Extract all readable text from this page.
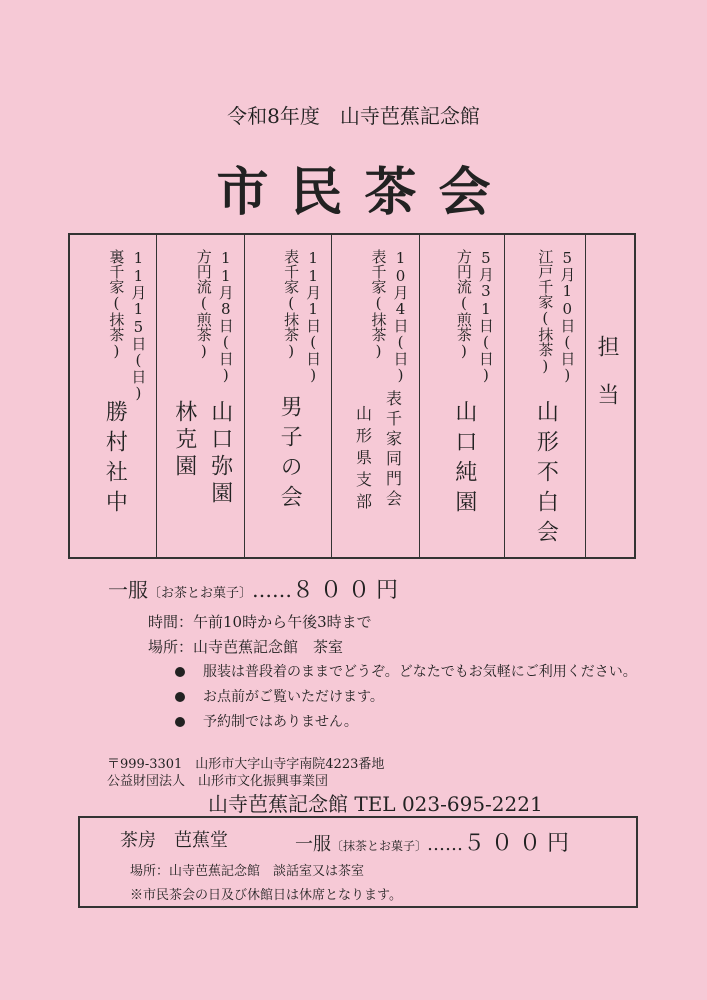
令和8年度　山寺芭蕉記念館
市民茶会
11月15日(日)
裏千家(抹茶)
勝村社中
11月8日(日)
方円流(煎茶)
山口弥園
林克園
11月1日(日)
表千家(抹茶)
男子の会
10月4日(日)
表千家(抹茶)
表千家同門会
山形県支部
5月31日(日)
方円流(煎茶)
山口純園
5月10日(日)
江戸千家(抹茶)
山形不白会
担当
一服〔お茶とお菓子〕……８００円
時間：午前10時から午後3時まで
場所：山寺芭蕉記念館　茶室
服装は普段着のままでどうぞ。どなたでもお気軽にご利用ください。
お点前がご覧いただけます。
予約制ではありません。
〒999-3301　山形市大字山寺字南院4223番地
公益財団法人　山形市文化振興事業団
山寺芭蕉記念館 TEL 023-695-2221
茶房　芭蕉堂	一服〔抹茶とお菓子〕……５００円
場所：山寺芭蕉記念館　談話室又は茶室
※市民茶会の日及び休館日は休席となります。
